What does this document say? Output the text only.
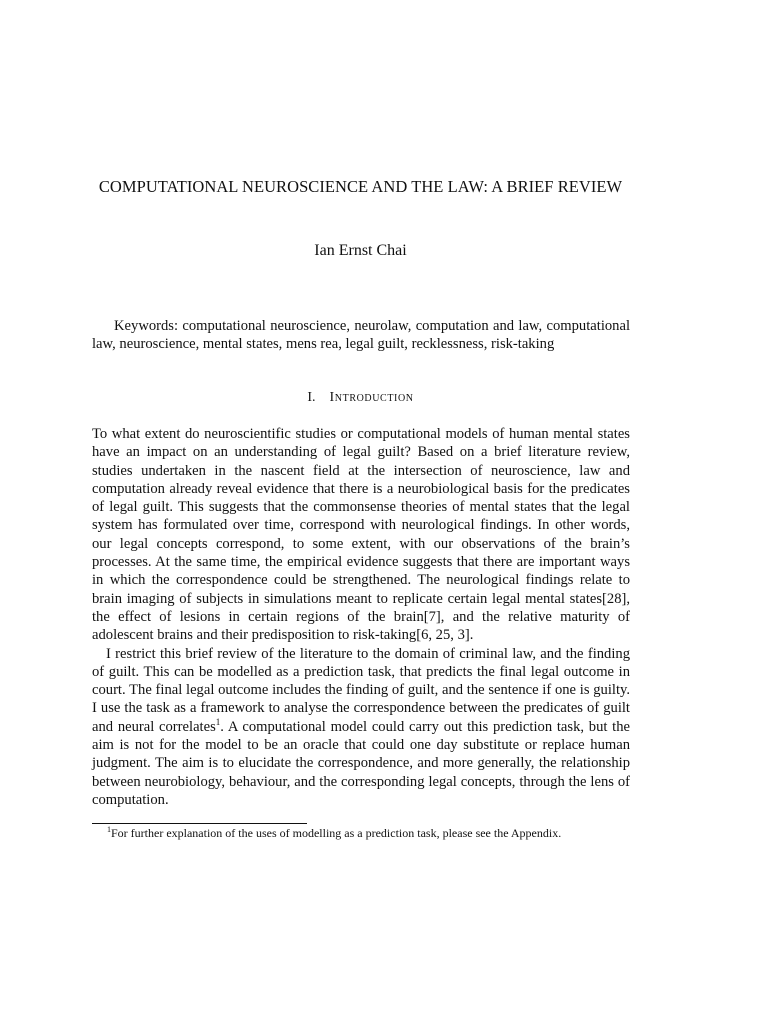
COMPUTATIONAL NEUROSCIENCE AND THE LAW: A BRIEF REVIEW
Ian Ernst Chai
Keywords: computational neuroscience, neurolaw, computation and law, computational law, neuroscience, mental states, mens rea, legal guilt, recklessness, risk-taking
I. Introduction

To what extent do neuroscientific studies or computational models of human mental states have an impact on an understanding of legal guilt? Based on a brief literature review, studies undertaken in the nascent field at the intersection of neuroscience, law and computation already reveal evidence that there is a neurobiological basis for the predicates of legal guilt. This suggests that the commonsense theories of mental states that the legal system has formulated over time, correspond with neurological findings. In other words, our legal concepts correspond, to some extent, with our observations of the brain’s processes. At the same time, the empirical evidence suggests that there are important ways in which the correspondence could be strengthened. The neurological findings relate to brain imaging of subjects in simulations meant to replicate certain legal mental states[28], the effect of lesions in certain regions of the brain[7], and the relative maturity of adolescent brains and their predisposition to risk-taking[6, 25, 3].

I restrict this brief review of the literature to the domain of criminal law, and the finding of guilt. This can be modelled as a prediction task, that predicts the final legal outcome in court. The final legal outcome includes the finding of guilt, and the sentence if one is guilty. I use the task as a framework to analyse the correspondence between the predicates of guilt and neural correlates$^1$. A computational model could carry out this prediction task, but the aim is not for the model to be an oracle that could one day substitute or replace human judgment. The aim is to elucidate the correspondence, and more generally, the relationship between neurobiology, behaviour, and the corresponding legal concepts, through the lens of computation.

$^1$For further explanation of the uses of modelling as a prediction task, please see the Appendix.
